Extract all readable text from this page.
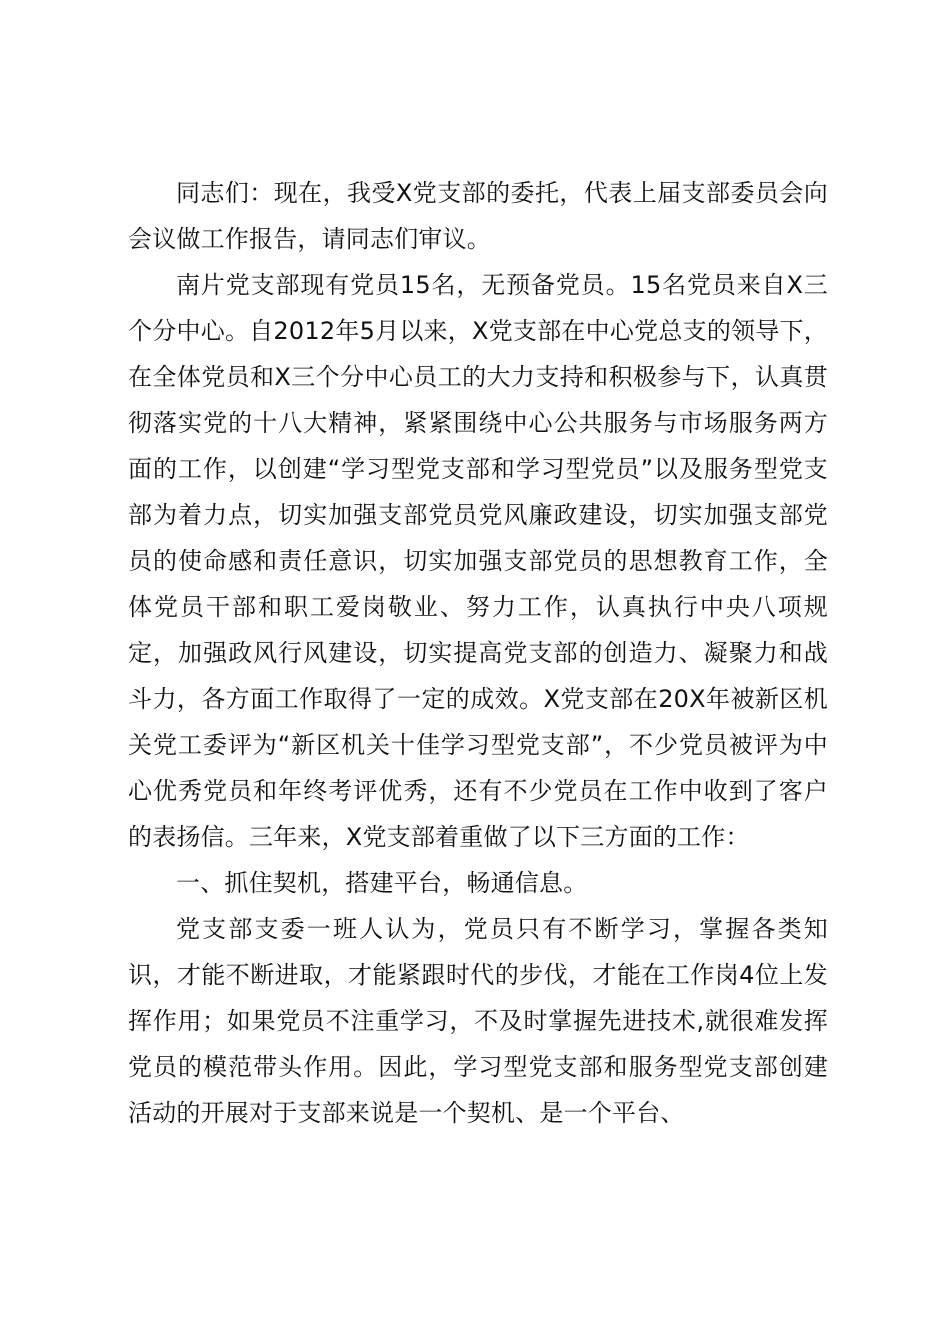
同志们：现在，我受X党支部的委托，代表上届支部委员会向会议做工作报告，请同志们审议。

南片党支部现有党员15名，无预备党员。15名党员来自X三个分中心。自2012年5月以来，X党支部在中心党总支的领导下，在全体党员和X三个分中心员工的大力支持和积极参与下，认真贯彻落实党的十八大精神，紧紧围绕中心公共服务与市场服务两方面的工作，以创建“学习型党支部和学习型党员”以及服务型党支部为着力点，切实加强支部党员党风廉政建设，切实加强支部党员的使命感和责任意识，切实加强支部党员的思想教育工作，全体党员干部和职工爱岗敬业、努力工作，认真执行中央八项规定，加强政风行风建设，切实提高党支部的创造力、凝聚力和战斗力，各方面工作取得了一定的成效。X党支部在20X年被新区机关党工委评为“新区机关十佳学习型党支部”，不少党员被评为中心优秀党员和年终考评优秀，还有不少党员在工作中收到了客户的表扬信。三年来，X党支部着重做了以下三方面的工作：

一、抓住契机，搭建平台，畅通信息。

党支部支委一班人认为，党员只有不断学习，掌握各类知识，才能不断进取，才能紧跟时代的步伐，才能在工作岗4位上发挥作用；如果党员不注重学习，不及时掌握先进技术,就很难发挥党员的模范带头作用。因此，学习型党支部和服务型党支部创建活动的开展对于支部来说是一个契机、是一个平台、
